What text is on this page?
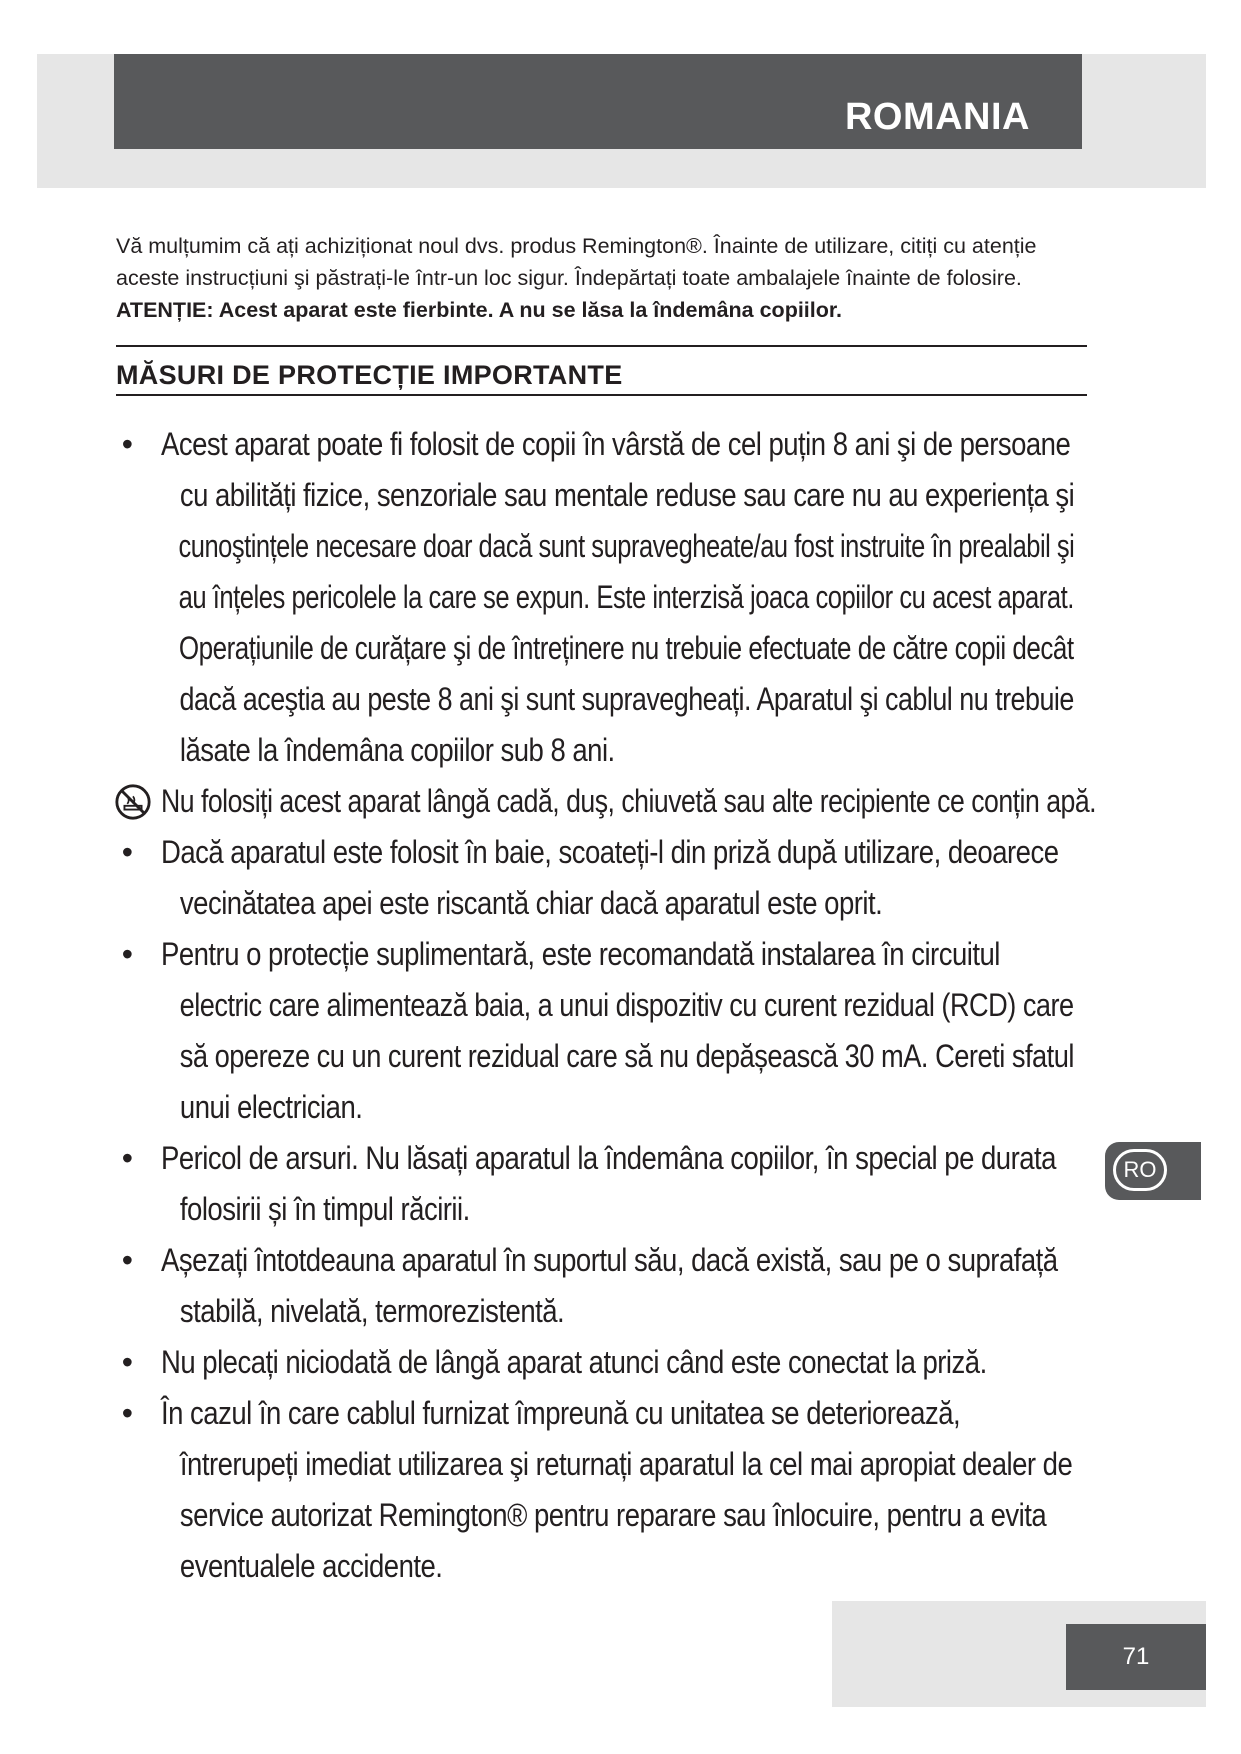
ROMANIA
Vă mulțumim că ați achiziționat noul dvs. produs Remington®. Înainte de utilizare, citiți cu atenție aceste instrucțiuni şi păstrați-le într-un loc sigur. Îndepărtați toate ambalajele înainte de folosire. ATENȚIE: Acest aparat este fierbinte. A nu se lăsa la îndemâna copiilor.
MĂSURI DE PROTECȚIE IMPORTANTE
• Acest aparat poate fi folosit de copii în vârstă de cel puțin 8 ani şi de persoane
cu abilități fizice, senzoriale sau mentale reduse sau care nu au experiența şi
cunoştințele necesare doar dacă sunt supravegheate/au fost instruite în prealabil şi
au înțeles pericolele la care se expun. Este interzisă joaca copiilor cu acest aparat.
Operațiunile de curățare şi de întreținere nu trebuie efectuate de către copii decât
dacă aceştia au peste 8 ani şi sunt supravegheați. Aparatul şi cablul nu trebuie
lăsate la îndemâna copiilor sub 8 ani.
Nu folosiți acest aparat lângă cadă, duş, chiuvetă sau alte recipiente ce conțin apă.
• Dacă aparatul este folosit în baie, scoateți-l din priză după utilizare, deoarece
vecinătatea apei este riscantă chiar dacă aparatul este oprit.
• Pentru o protecție suplimentară, este recomandată instalarea în circuitul
electric care alimentează baia, a unui dispozitiv cu curent rezidual (RCD) care
să opereze cu un curent rezidual care să nu depășească 30 mA. Cereti sfatul
unui electrician.
• Pericol de arsuri. Nu lăsați aparatul la îndemâna copiilor, în special pe durata
folosirii și în timpul răcirii.
• Așezați întotdeauna aparatul în suportul său, dacă există, sau pe o suprafață
stabilă, nivelată, termorezistentă.
• Nu plecați niciodată de lângă aparat atunci când este conectat la priză.
• În cazul în care cablul furnizat împreună cu unitatea se deteriorează,
întrerupeți imediat utilizarea şi returnați aparatul la cel mai apropiat dealer de
service autorizat Remington® pentru reparare sau înlocuire, pentru a evita
eventualele accidente.
RO
71
